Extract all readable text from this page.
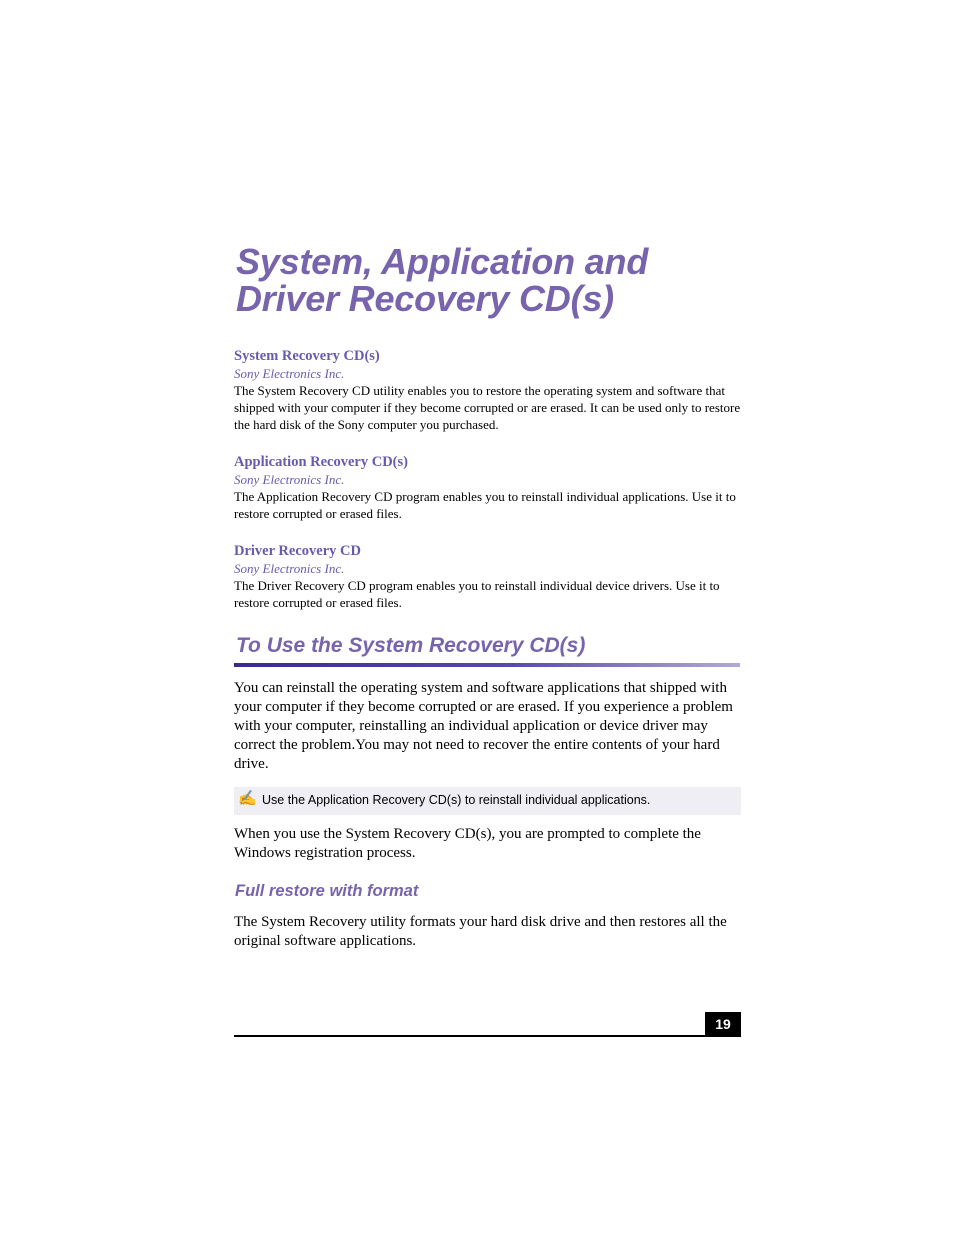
System, Application and
Driver Recovery CD(s)
System Recovery CD(s)
Sony Electronics Inc.
The System Recovery CD utility enables you to restore the operating system and software that shipped with your computer if they become corrupted or are erased. It can be used only to restore the hard disk of the Sony computer you purchased.
Application Recovery CD(s)
Sony Electronics Inc.
The Application Recovery CD program enables you to reinstall individual applications. Use it to restore corrupted or erased files.
Driver Recovery CD
Sony Electronics Inc.
The Driver Recovery CD program enables you to reinstall individual device drivers. Use it to restore corrupted or erased files.
To Use the System Recovery CD(s)

You can reinstall the operating system and software applications that shipped with your computer if they become corrupted or are erased. If you experience a problem with your computer, reinstalling an individual application or device driver may correct the problem.You may not need to recover the entire contents of your hard drive.

✍ Use the Application Recovery CD(s) to reinstall individual applications.

When you use the System Recovery CD(s), you are prompted to complete the Windows registration process.

Full restore with format

The System Recovery utility formats your hard disk drive and then restores all the original software applications.

19
